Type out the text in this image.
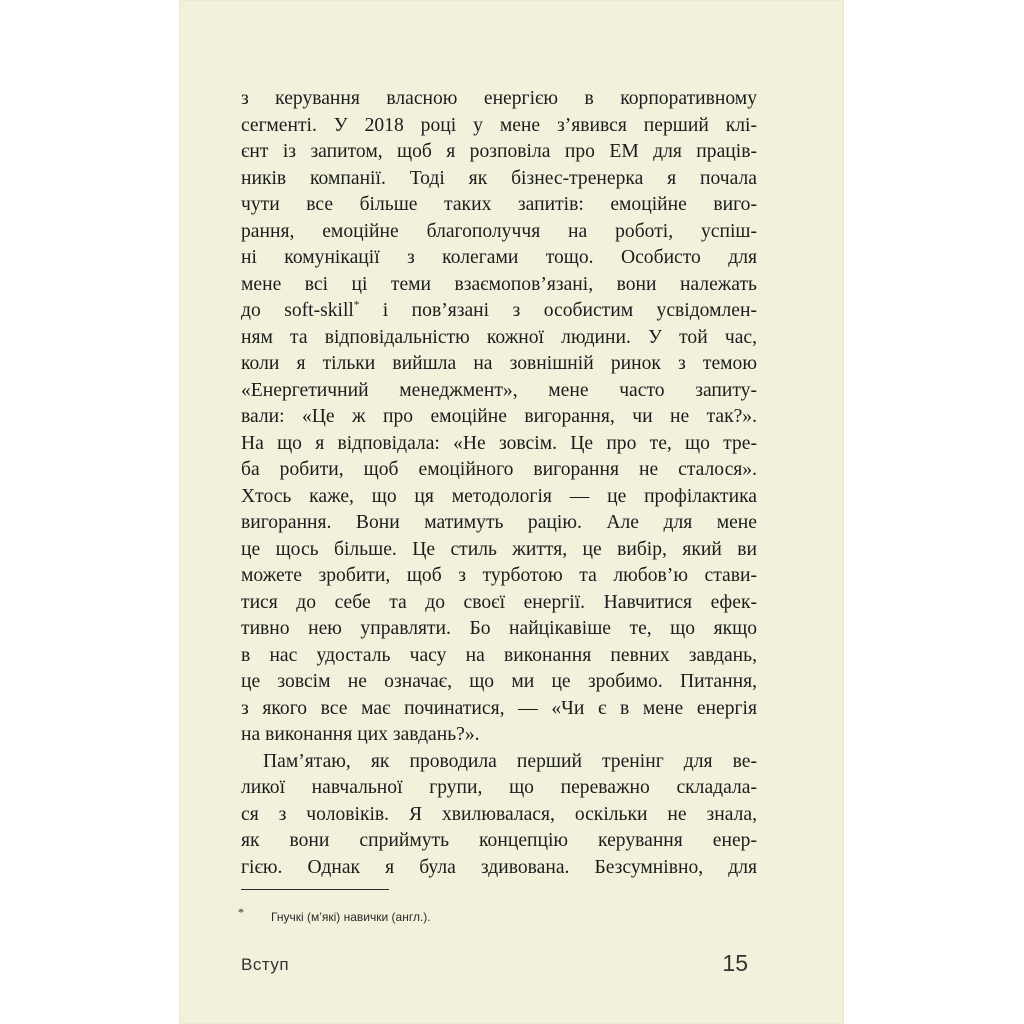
з керування власною енергією в корпоративному
сегменті. У 2018 році у мене з’явився перший клі-
єнт із запитом, щоб я розповіла про ЕМ для праців-
ників компанії. Тоді як бізнес-тренерка я почала
чути все більше таких запитів: емоційне виго-
рання, емоційне благополуччя на роботі, успіш-
ні комунікації з колегами тощо. Особисто для
мене всі ці теми взаємопов’язані, вони належать
до soft-skill* і пов’язані з особистим усвідомлен-
ням та відповідальністю кожної людини. У той час,
коли я тільки вийшла на зовнішній ринок з темою
«Енергетичний менеджмент», мене часто запиту-
вали: «Це ж про емоційне вигорання, чи не так?».
На що я відповідала: «Не зовсім. Це про те, що тре-
ба робити, щоб емоційного вигорання не сталося».
Хтось каже, що ця методологія — це профілактика
вигорання. Вони матимуть рацію. Але для мене
це щось більше. Це стиль життя, це вибір, який ви
можете зробити, щоб з турботою та любов’ю стави-
тися до себе та до своєї енергії. Навчитися ефек-
тивно нею управляти. Бо найцікавіше те, що якщо
в нас удосталь часу на виконання певних завдань,
це зовсім не означає, що ми це зробимо. Питання,
з якого все має починатися, — «Чи є в мене енергія
на виконання цих завдань?».
Пам’ятаю, як проводила перший тренінг для ве-
ликої навчальної групи, що переважно складала-
ся з чоловіків. Я хвилювалася, оскільки не знала,
як вони сприймуть концепцію керування енер-
гією. Однак я була здивована. Безсумнівно, для
* Гнучкі (м’які) навички (англ.).
Вступ	15
